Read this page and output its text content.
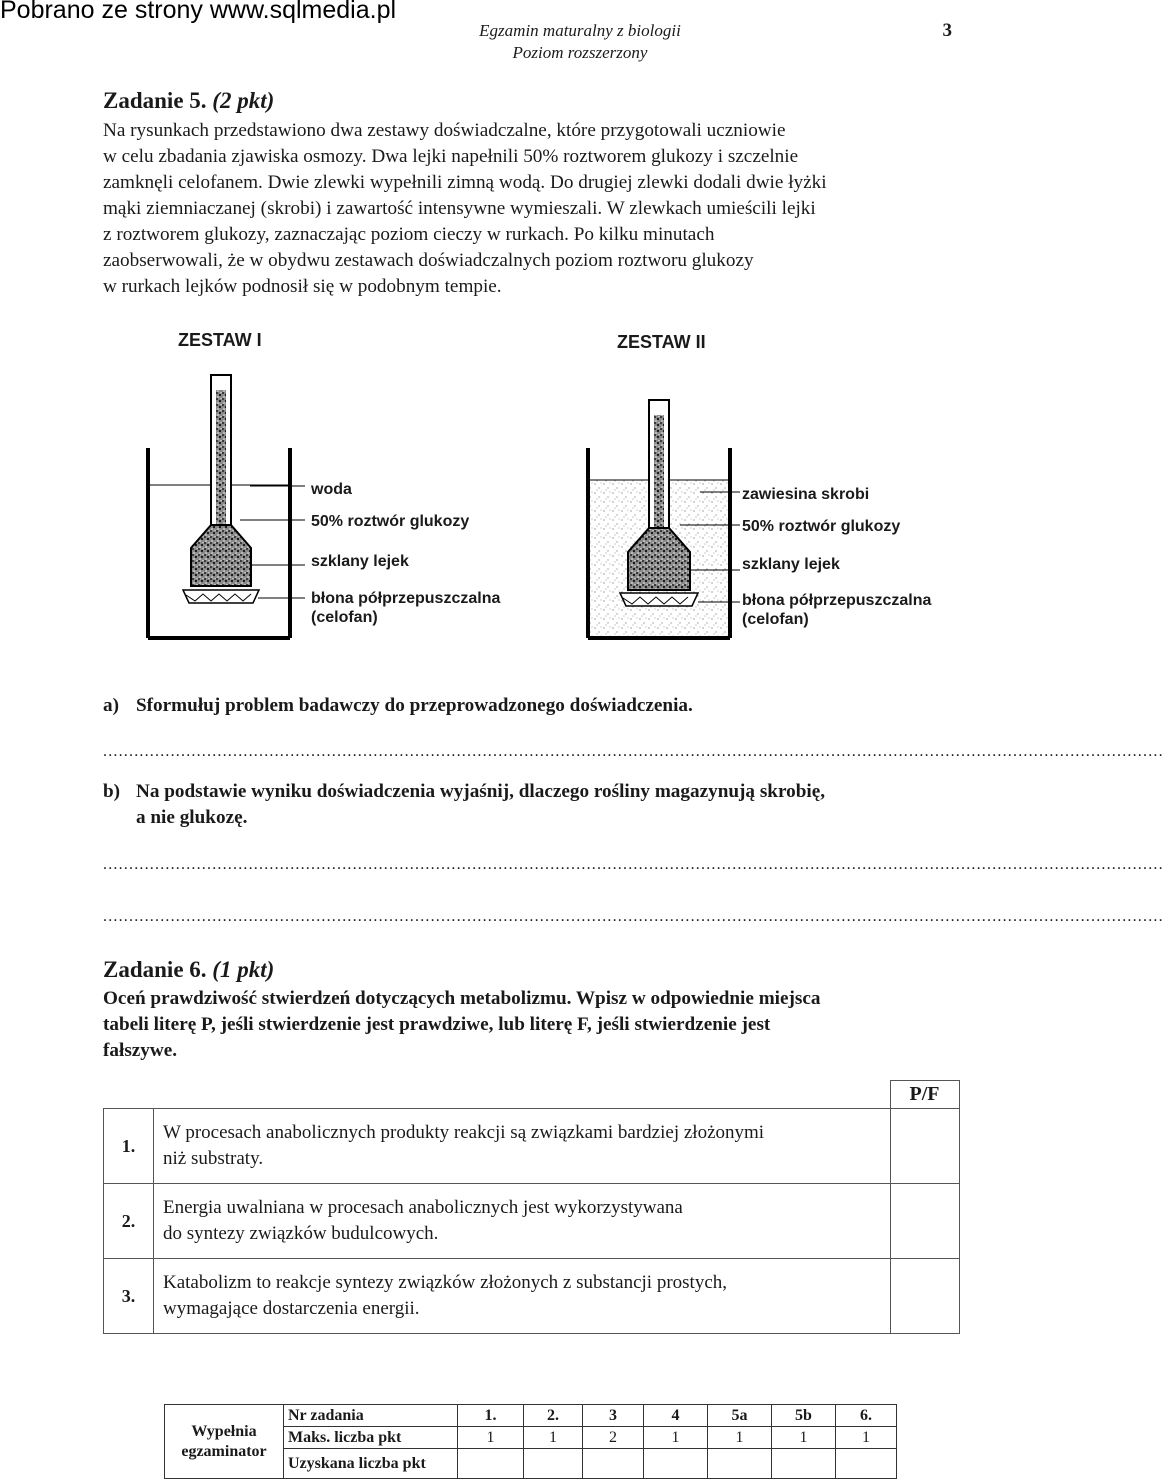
Pobrano ze strony www.sqlmedia.pl
Egzamin maturalny z biologii
Poziom rozszerzony
3
Zadanie 5. (2 pkt)

Na rysunkach przedstawiono dwa zestawy doświadczalne, które przygotowali uczniowie

w celu zbadania zjawiska osmozy. Dwa lejki napełnili 50% roztworem glukozy i szczelnie

zamknęli celofanem. Dwie zlewki wypełnili zimną wodą. Do drugiej zlewki dodali dwie łyżki

mąki ziemniaczanej (skrobi) i zawartość intensywne wymieszali. W zlewkach umieścili lejki

z roztworem glukozy, zaznaczając poziom cieczy w rurkach. Po kilku minutach

zaobserwowali, że w obydwu zestawach doświadczalnych poziom roztworu glukozy

w rurkach lejków podnosił się w podobnym tempie.

ZESTAW I	ZESTAW II
woda
50% roztwór glukozy
szklany lejek
błona półprzepuszczalna
(celofan)
zawiesina skrobi
50% roztwór glukozy
szklany lejek
błona półprzepuszczalna
(celofan)
a) Sformułuj problem badawczy do przeprowadzonego doświadczenia.
............................................................................................................................................................................................................
b) Na podstawie wyniku doświadczenia wyjaśnij, dlaczego rośliny magazynują skrobię,
a nie glukozę.
............................................................................................................................................................................................................
............................................................................................................................................................................................................
Zadanie 6. (1 pkt)

Oceń prawdziwość stwierdzeń dotyczących metabolizmu. Wpisz w odpowiednie miejsca

tabeli literę P, jeśli stwierdzenie jest prawdziwe, lub literę F, jeśli stwierdzenie jest

fałszywe.

		P/F
1.	W procesach anabolicznych produkty reakcji są związkami bardziej złożonymi
niż substraty.	

2.	Energia uwalniana w procesach anabolicznych jest wykorzystywana
do syntezy związków budulcowych.	

3.	Katabolizm to reakcje syntezy związków złożonych z substancji prostych,
wymagające dostarczenia energii.	

Wypełnia
egzaminator	Nr zadania	1.	2.	3	4	5a	5b	6.
	Maks. liczba pkt	1	1	2	1	1	1	1
	Uzyskana liczba pkt							
